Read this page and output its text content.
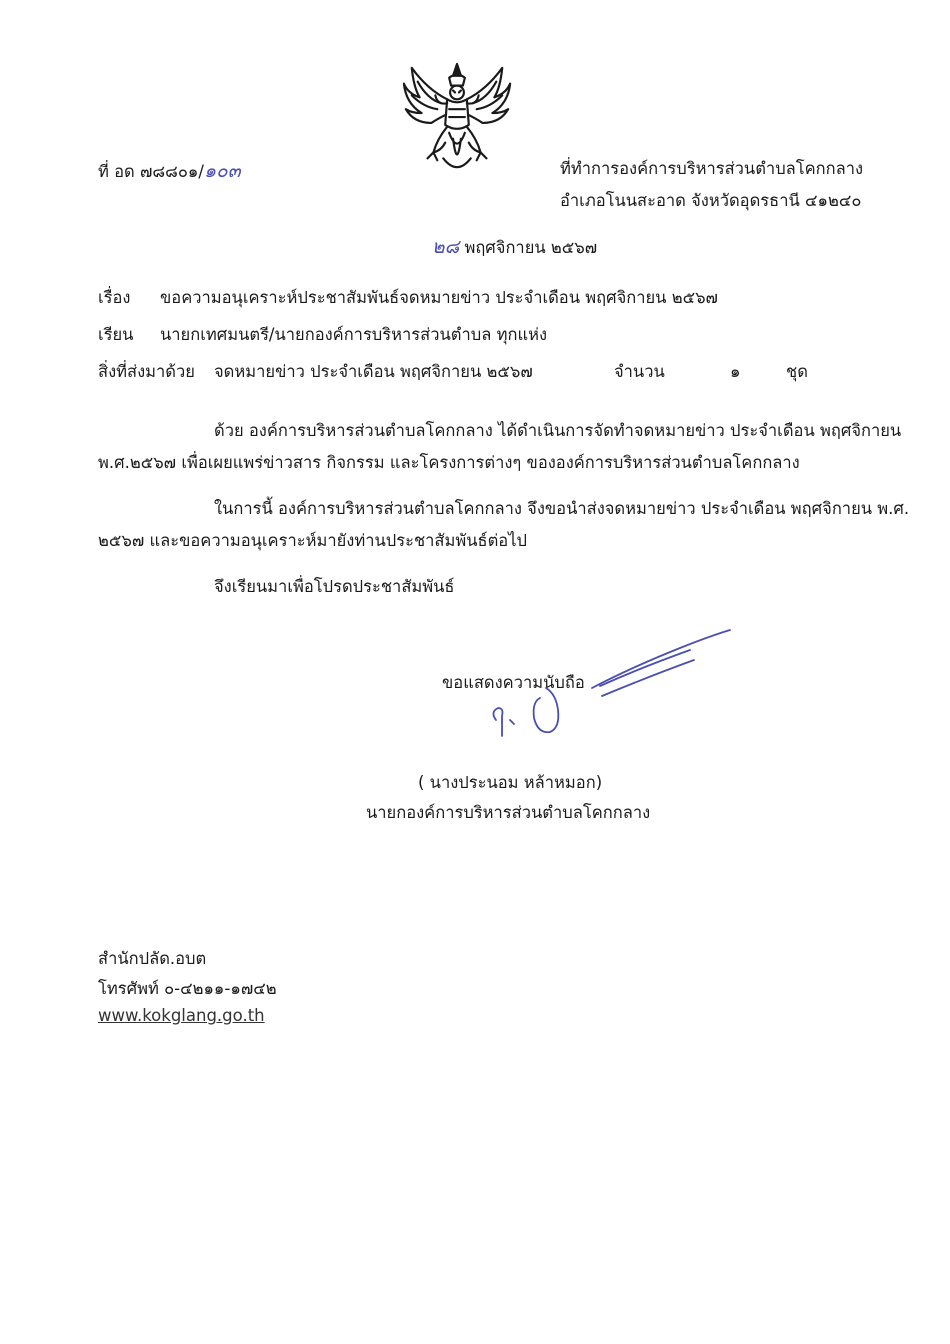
ที่ อด ๗๘๘๐๑/๑๐๓	ที่ทำการองค์การบริหารส่วนตำบลโคกกลาง
อำเภอโนนสะอาด จังหวัดอุดรธานี ๔๑๒๔๐
๒๘ พฤศจิกายน ๒๕๖๗
เรื่อง ขอความอนุเคราะห์ประชาสัมพันธ์จดหมายข่าว ประจำเดือน พฤศจิกายน ๒๕๖๗
เรียน นายกเทศมนตรี/นายกองค์การบริหารส่วนตำบล ทุกแห่ง
สิ่งที่ส่งมาด้วย จดหมายข่าว ประจำเดือน พฤศจิกายน ๒๕๖๗	จำนวน	๑	ชุด
ด้วย องค์การบริหารส่วนตำบลโคกกลาง ได้ดำเนินการจัดทำจดหมายข่าว ประจำเดือน พฤศจิกายน
พ.ศ.๒๕๖๗ เพื่อเผยแพร่ข่าวสาร กิจกรรม และโครงการต่างๆ ขององค์การบริหารส่วนตำบลโคกกลาง
ในการนี้ องค์การบริหารส่วนตำบลโคกกลาง จึงขอนำส่งจดหมายข่าว ประจำเดือน พฤศจิกายน พ.ศ.
๒๕๖๗ และขอความอนุเคราะห์มายังท่านประชาสัมพันธ์ต่อไป
จึงเรียนมาเพื่อโปรดประชาสัมพันธ์
ขอแสดงความนับถือ
( นางประนอม หล้าหมอก)
นายกองค์การบริหารส่วนตำบลโคกกลาง
สำนักปลัด.อบต
โทรศัพท์ ๐-๔๒๑๑-๑๗๔๒
www.kokglang.go.th
